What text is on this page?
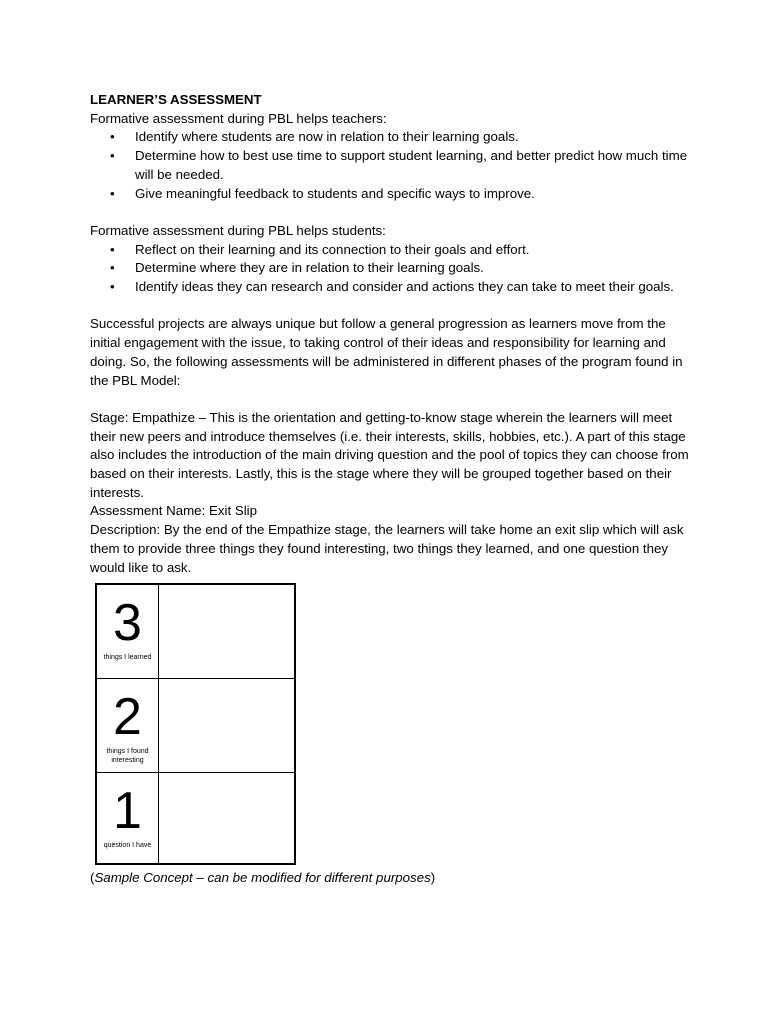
LEARNER’S ASSESSMENT

Formative assessment during PBL helps teachers:

• Identify where students are now in relation to their learning goals.
• Determine how to best use time to support student learning, and better predict how much time will be needed.
• Give meaningful feedback to students and specific ways to improve.

Formative assessment during PBL helps students:

• Reflect on their learning and its connection to their goals and effort.
• Determine where they are in relation to their learning goals.
• Identify ideas they can research and consider and actions they can take to meet their goals.

Successful projects are always unique but follow a general progression as learners move from the initial engagement with the issue, to taking control of their ideas and responsibility for learning and doing. So, the following assessments will be administered in different phases of the program found in the PBL Model:

Stage: Empathize – This is the orientation and getting-to-know stage wherein the learners will meet their new peers and introduce themselves (i.e. their interests, skills, hobbies, etc.). A part of this stage also includes the introduction of the main driving question and the pool of topics they can choose from based on their interests. Lastly, this is the stage where they will be grouped together based on their interests.

Assessment Name: Exit Slip

Description: By the end of the Empathize stage, the learners will take home an exit slip which will ask them to provide three things they found interesting, two things they learned, and one question they would like to ask.

3
things I learned
2
things I found interesting
1
question I have

(Sample Concept – can be modified for different purposes)
